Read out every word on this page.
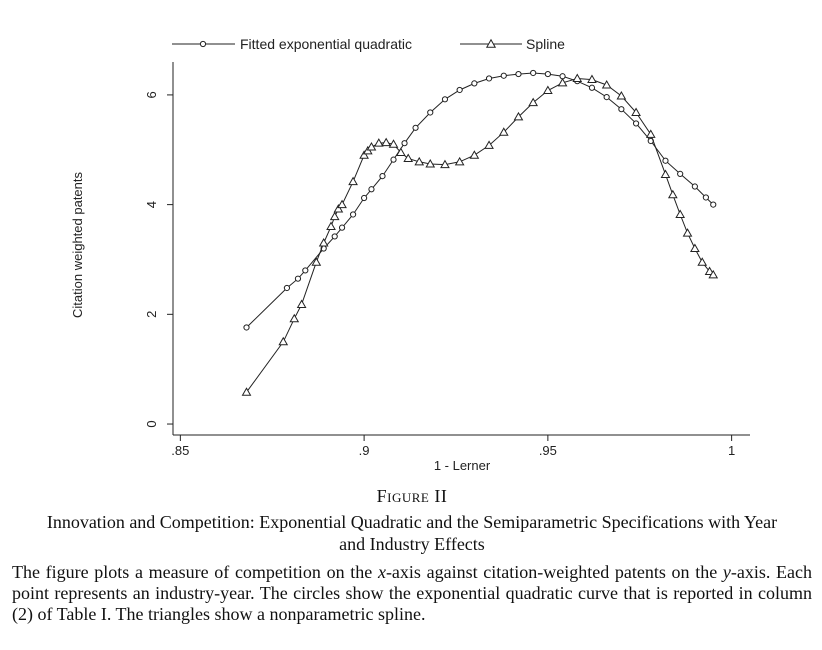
Fitted exponential quadratic	Spline
0
2
4
6
.85	.9	.95	1
1 - Lerner
Citation weighted patents
Figure II
Innovation and Competition: Exponential Quadratic and the Semiparametric Specifications with Year and Industry Effects
The figure plots a measure of competition on the x-axis against citation-weighted patents on the y-axis. Each point represents an industry-year. The circles show the exponential quadratic curve that is reported in column (2) of Table I. The triangles show a nonparametric spline.
